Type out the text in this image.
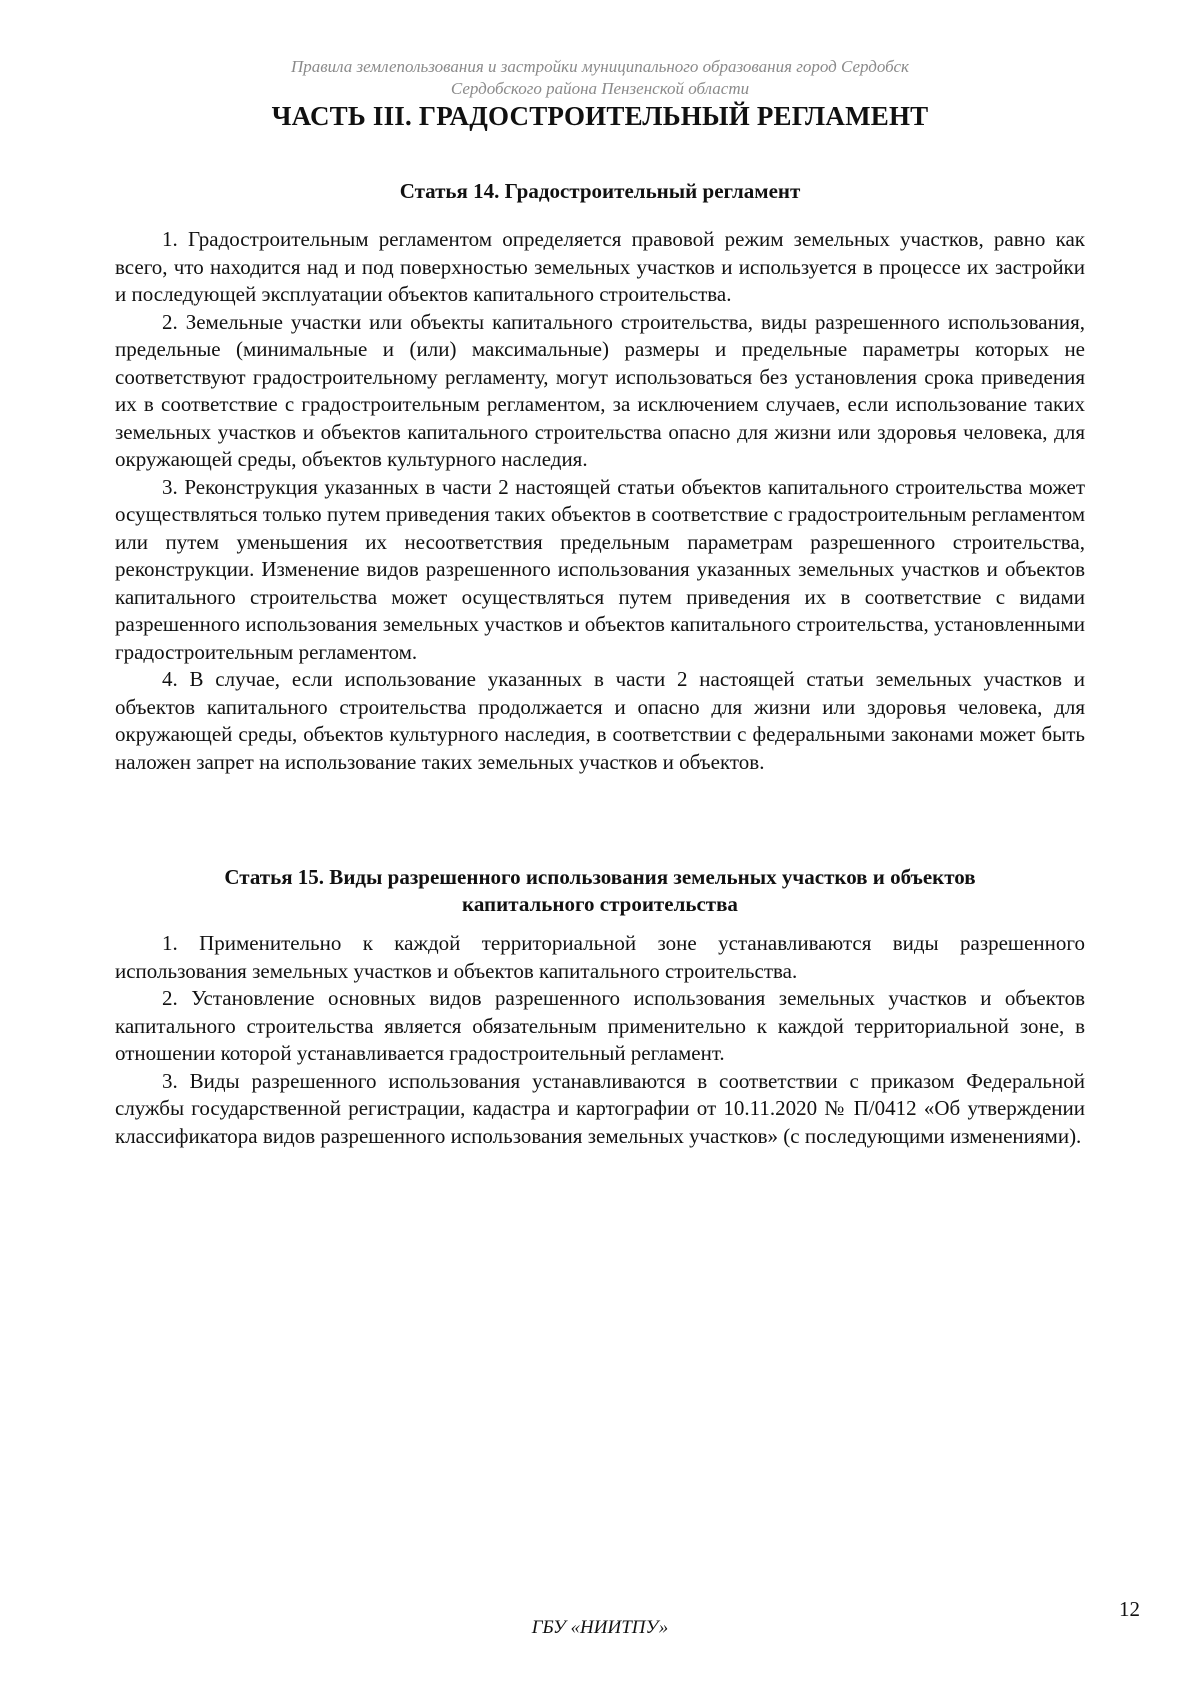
Правила землепользования и застройки муниципального образования город Сердобск
Сердобского района Пензенской области
ЧАСТЬ III. ГРАДОСТРОИТЕЛЬНЫЙ РЕГЛАМЕНТ
Статья 14. Градостроительный регламент

1. Градостроительным регламентом определяется правовой режим земельных участков, равно как всего, что находится над и под поверхностью земельных участков и используется в процессе их застройки и последующей эксплуатации объектов капитального строительства.

2. Земельные участки или объекты капитального строительства, виды разрешенного использования, предельные (минимальные и (или) максимальные) размеры и предельные параметры которых не соответствуют градостроительному регламенту, могут использоваться без установления срока приведения их в соответствие с градостроительным регламентом, за исключением случаев, если использование таких земельных участков и объектов капитального строительства опасно для жизни или здоровья человека, для окружающей среды, объектов культурного наследия.

3. Реконструкция указанных в части 2 настоящей статьи объектов капитального строительства может осуществляться только путем приведения таких объектов в соответствие с градостроительным регламентом или путем уменьшения их несоответствия предельным параметрам разрешенного строительства, реконструкции. Изменение видов разрешенного использования указанных земельных участков и объектов капитального строительства может осуществляться путем приведения их в соответствие с видами разрешенного использования земельных участков и объектов капитального строительства, установленными градостроительным регламентом.

4. В случае, если использование указанных в части 2 настоящей статьи земельных участков и объектов капитального строительства продолжается и опасно для жизни или здоровья человека, для окружающей среды, объектов культурного наследия, в соответствии с федеральными законами может быть наложен запрет на использование таких земельных участков и объектов.

Статья 15. Виды разрешенного использования земельных участков и объектов
капитального строительства

1. Применительно к каждой территориальной зоне устанавливаются виды разрешенного использования земельных участков и объектов капитального строительства.

2. Установление основных видов разрешенного использования земельных участков и объектов капитального строительства является обязательным применительно к каждой территориальной зоне, в отношении которой устанавливается градостроительный регламент.

3. Виды разрешенного использования устанавливаются в соответствии с приказом Федеральной службы государственной регистрации, кадастра и картографии от 10.11.2020 № П/0412 «Об утверждении классификатора видов разрешенного использования земельных участков» (с последующими изменениями).

12
ГБУ «НИИТПУ»
